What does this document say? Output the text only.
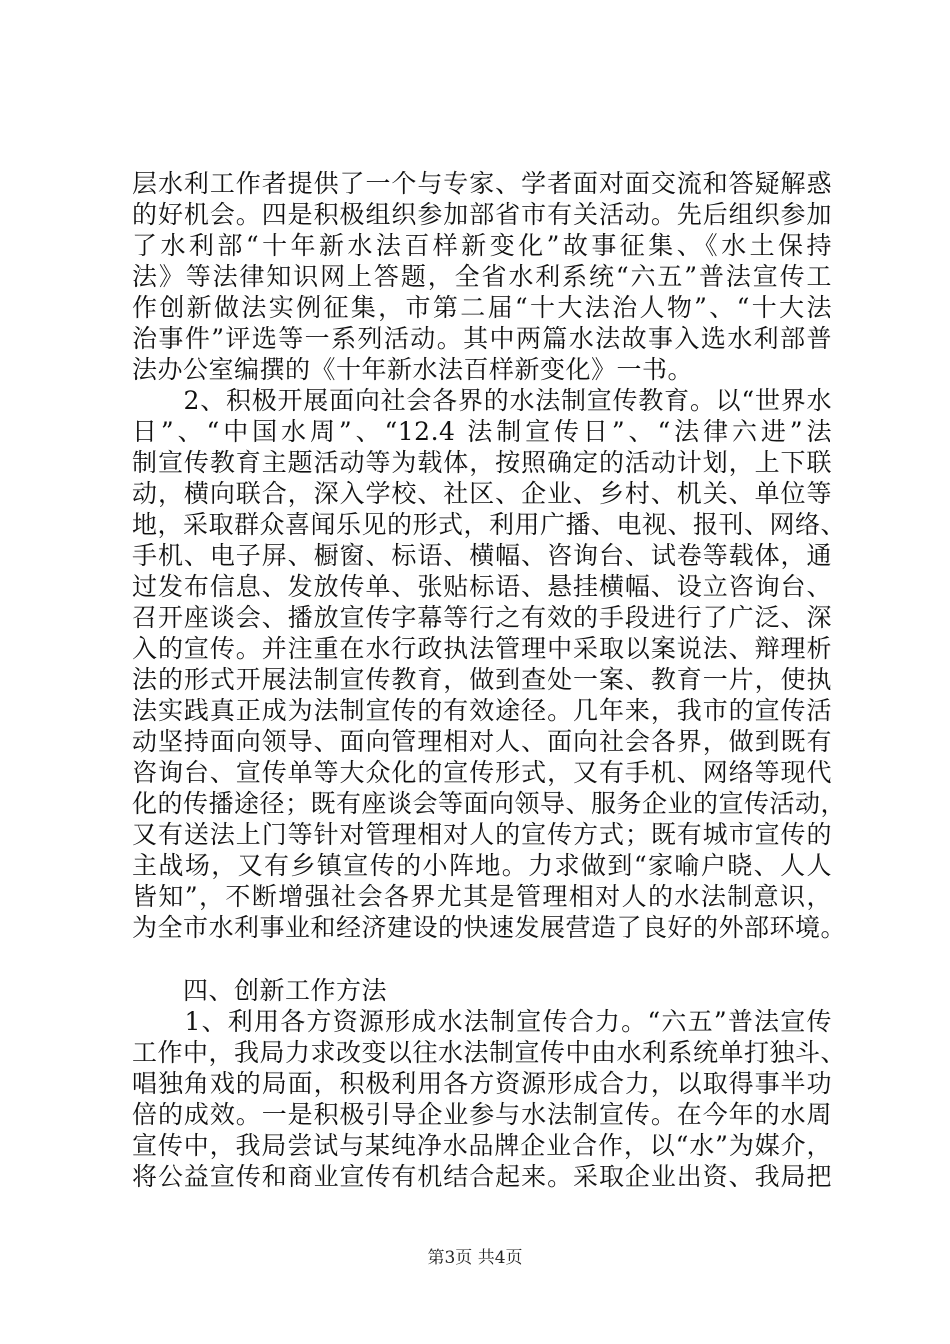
层水利工作者提供了一个与专家、学者面对面交流和答疑解惑
的好机会。四是积极组织参加部省市有关活动。先后组织参加
了水利部“十年新水法百样新变化”故事征集、《水土保持
法》等法律知识网上答题，全省水利系统“六五”普法宣传工
作创新做法实例征集，市第二届“十大法治人物”、“十大法
治事件”评选等一系列活动。其中两篇水法故事入选水利部普
法办公室编撰的《十年新水法百样新变化》一书。
　　2、积极开展面向社会各界的水法制宣传教育。以“世界水
日”、“中国水周”、“12.4 法制宣传日”、“法律六进”法
制宣传教育主题活动等为载体，按照确定的活动计划，上下联
动，横向联合，深入学校、社区、企业、乡村、机关、单位等
地，采取群众喜闻乐见的形式，利用广播、电视、报刊、网络、
手机、电子屏、橱窗、标语、横幅、咨询台、试卷等载体，通
过发布信息、发放传单、张贴标语、悬挂横幅、设立咨询台、
召开座谈会、播放宣传字幕等行之有效的手段进行了广泛、深
入的宣传。并注重在水行政执法管理中采取以案说法、辩理析
法的形式开展法制宣传教育，做到查处一案、教育一片，使执
法实践真正成为法制宣传的有效途径。几年来，我市的宣传活
动坚持面向领导、面向管理相对人、面向社会各界，做到既有
咨询台、宣传单等大众化的宣传形式，又有手机、网络等现代
化的传播途径；既有座谈会等面向领导、服务企业的宣传活动，
又有送法上门等针对管理相对人的宣传方式；既有城市宣传的
主战场，又有乡镇宣传的小阵地。力求做到“家喻户晓、人人
皆知”，不断增强社会各界尤其是管理相对人的水法制意识，
为全市水利事业和经济建设的快速发展营造了良好的外部环境。
　　四、创新工作方法
　　1、利用各方资源形成水法制宣传合力。“六五”普法宣传
工作中，我局力求改变以往水法制宣传中由水利系统单打独斗、
唱独角戏的局面，积极利用各方资源形成合力，以取得事半功
倍的成效。一是积极引导企业参与水法制宣传。在今年的水周
宣传中，我局尝试与某纯净水品牌企业合作，以“水”为媒介，
将公益宣传和商业宣传有机结合起来。采取企业出资、我局把
第3页 共4页
